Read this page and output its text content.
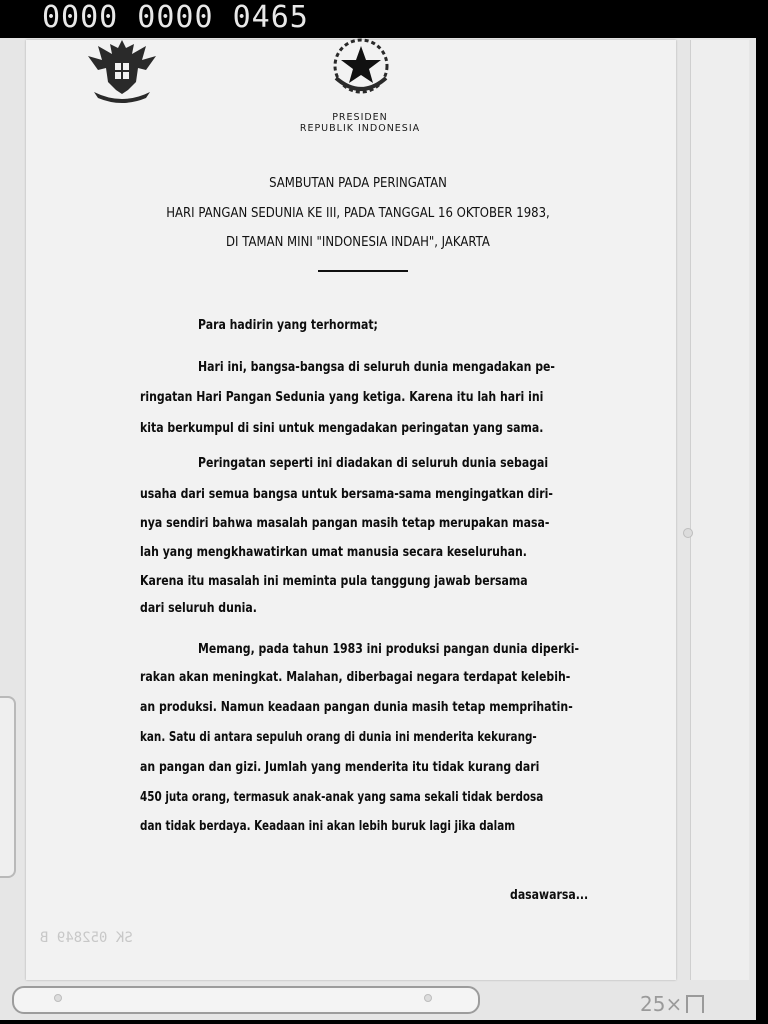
0000 0000 0465
PRESIDEN
REPUBLIK INDONESIA
SAMBUTAN PADA PERINGATAN
HARI PANGAN SEDUNIA KE III, PADA TANGGAL 16 OKTOBER 1983,
DI TAMAN MINI "INDONESIA INDAH", JAKARTA
Para hadirin yang terhormat;
Hari ini, bangsa-bangsa di seluruh dunia mengadakan pe-
ringatan Hari Pangan Sedunia yang ketiga. Karena itu lah hari ini
kita berkumpul di sini untuk mengadakan peringatan yang sama.
Peringatan seperti ini diadakan di seluruh dunia sebagai
usaha dari semua bangsa untuk bersama-sama mengingatkan diri-
nya sendiri bahwa masalah pangan masih tetap merupakan masa-
lah yang mengkhawatirkan umat manusia secara keseluruhan.
Karena itu masalah ini meminta pula tanggung jawab bersama
dari seluruh dunia.
Memang, pada tahun 1983 ini produksi pangan dunia diperki-
rakan akan meningkat. Malahan, diberbagai negara terdapat kelebih-
an produksi. Namun keadaan pangan dunia masih tetap memprihatin-
kan. Satu di antara sepuluh orang di dunia ini menderita kekurang-
an pangan dan gizi. Jumlah yang menderita itu tidak kurang dari
450 juta orang, termasuk anak-anak yang sama sekali tidak berdosa
dan tidak berdaya. Keadaan ini akan lebih buruk lagi jika dalam
dasawarsa...
SK 052849 B
25×
